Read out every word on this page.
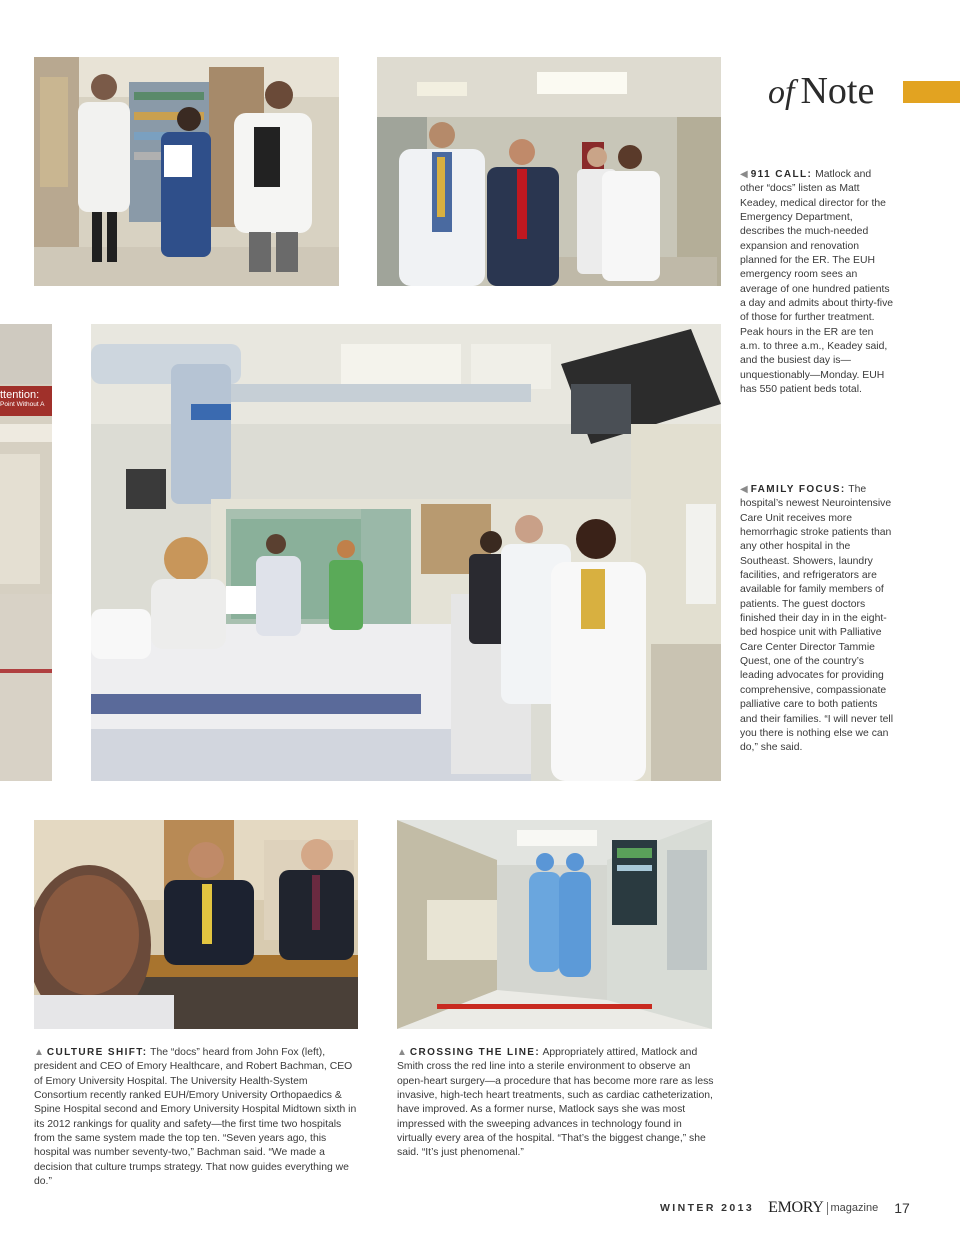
ttention:
Point Without A
of Note
◀ 911 CALL: Matlock and other “docs” listen as Matt Keadey, medical director for the Emergency Department, describes the much-needed expansion and renovation planned for the ER. The EUH emergency room sees an average of one hundred patients a day and admits about thirty-five of those for further treatment. Peak hours in the ER are ten a.m. to three a.m., Keadey said, and the busiest day is—unquestionably—Monday. EUH has 550 patient beds total.
◀ FAMILY FOCUS: The hospital’s newest Neurointensive Care Unit receives more hemorrhagic stroke patients than any other hospital in the Southeast. Showers, laundry facilities, and refrigerators are available for family members of patients. The guest doctors finished their day in in the eight-bed hospice unit with Palliative Care Center Director Tammie Quest, one of the country’s leading advocates for providing comprehensive, compassionate palliative care to both patients and their families. “I will never tell you there is nothing else we can do,” she said.
▲ CULTURE SHIFT: The “docs” heard from John Fox (left), president and CEO of Emory Healthcare, and Robert Bachman, CEO of Emory University Hospital. The University Health-System Consortium recently ranked EUH/Emory University Orthopaedics & Spine Hospital second and Emory University Hospital Midtown sixth in its 2012 rankings for quality and safety—the first time two hospitals from the same system made the top ten. “Seven years ago, this hospital was number seventy-two,” Bachman said. “We made a decision that culture trumps strategy. That now guides everything we do.”
▲ CROSSING THE LINE: Appropriately attired, Matlock and Smith cross the red line into a sterile environment to observe an open-heart surgery—a procedure that has become more rare as less invasive, high-tech heart treatments, such as cardiac catheterization, have improved. As a former nurse, Matlock says she was most impressed with the sweeping advances in technology found in virtually every area of the hospital. “That’s the biggest change,” she said. “It’s just phenomenal.”
WINTER 2013 EMORY magazine 17
